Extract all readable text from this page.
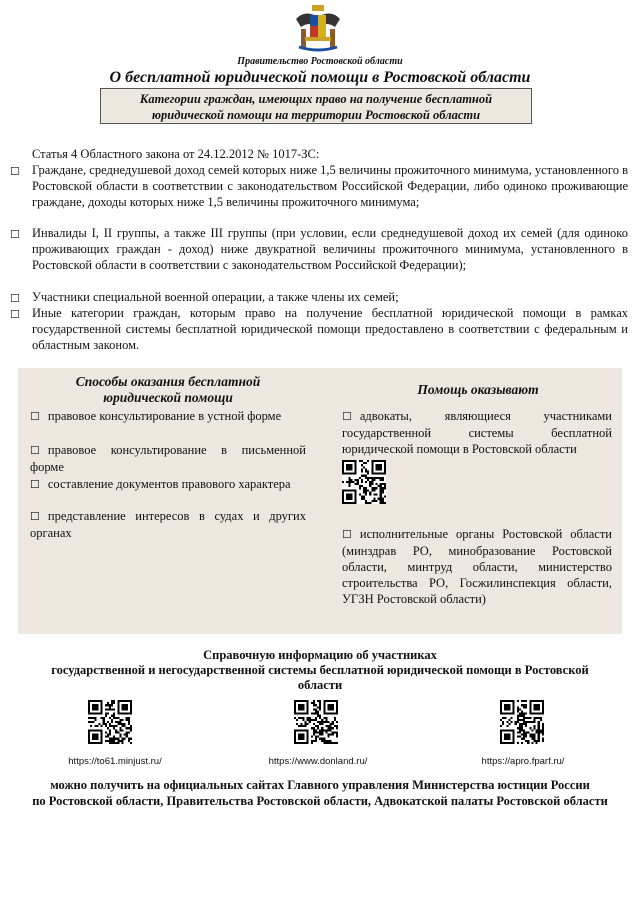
Правительство Ростовской области
О бесплатной юридической помощи в Ростовской области
Категории граждан, имеющих право на получение бесплатной
юридической помощи на территории Ростовской области
Статья 4 Областного закона от 24.12.2012 № 1017-ЗС:
☐ Граждане, среднедушевой доход семей которых ниже 1,5 величины прожиточного минимума, установленного в Ростовской области в соответствии с законодательством Российской Федерации, либо одиноко проживающие граждане, доходы которых ниже 1,5 величины прожиточного минимума;
☐ Инвалиды I, II группы, а также III группы (при условии, если среднедушевой доход их семей (для одиноко проживающих граждан - доход) ниже двукратной величины прожиточного минимума, установленного в Ростовской области в соответствии с законодательством Российской Федерации);
☐ Участники специальной военной операции, а также члены их семей;
☐ Иные категории граждан, которым право на получение бесплатной юридической помощи в рамках государственной системы бесплатной юридической помощи предоставлено в соответствии с федеральным и областным законом.
Способы оказания бесплатной
юридической помощи
☐ правовое консультирование в устной форме
☐ правовое консультирование в письменной форме
☐ составление документов правового характера
☐ представление интересов в судах и других органах
Помощь оказывают
☐ адвокаты, являющиеся участниками государственной системы бесплатной юридической помощи в Ростовской области
☐ исполнительные органы Ростовской области (минздрав РО, минобразование Ростовской области, минтруд области, министерство строительства РО, Госжилинспекция области, УГЗН Ростовской области)
Справочную информацию об участниках
государственной и негосударственной системы бесплатной юридической помощи в Ростовской
области
https://to61.minjust.ru/	https://www.donland.ru/	https://apro.fparf.ru/
можно получить на официальных сайтах Главного управления Министерства юстиции России
по Ростовской области, Правительства Ростовской области, Адвокатской палаты Ростовской области
